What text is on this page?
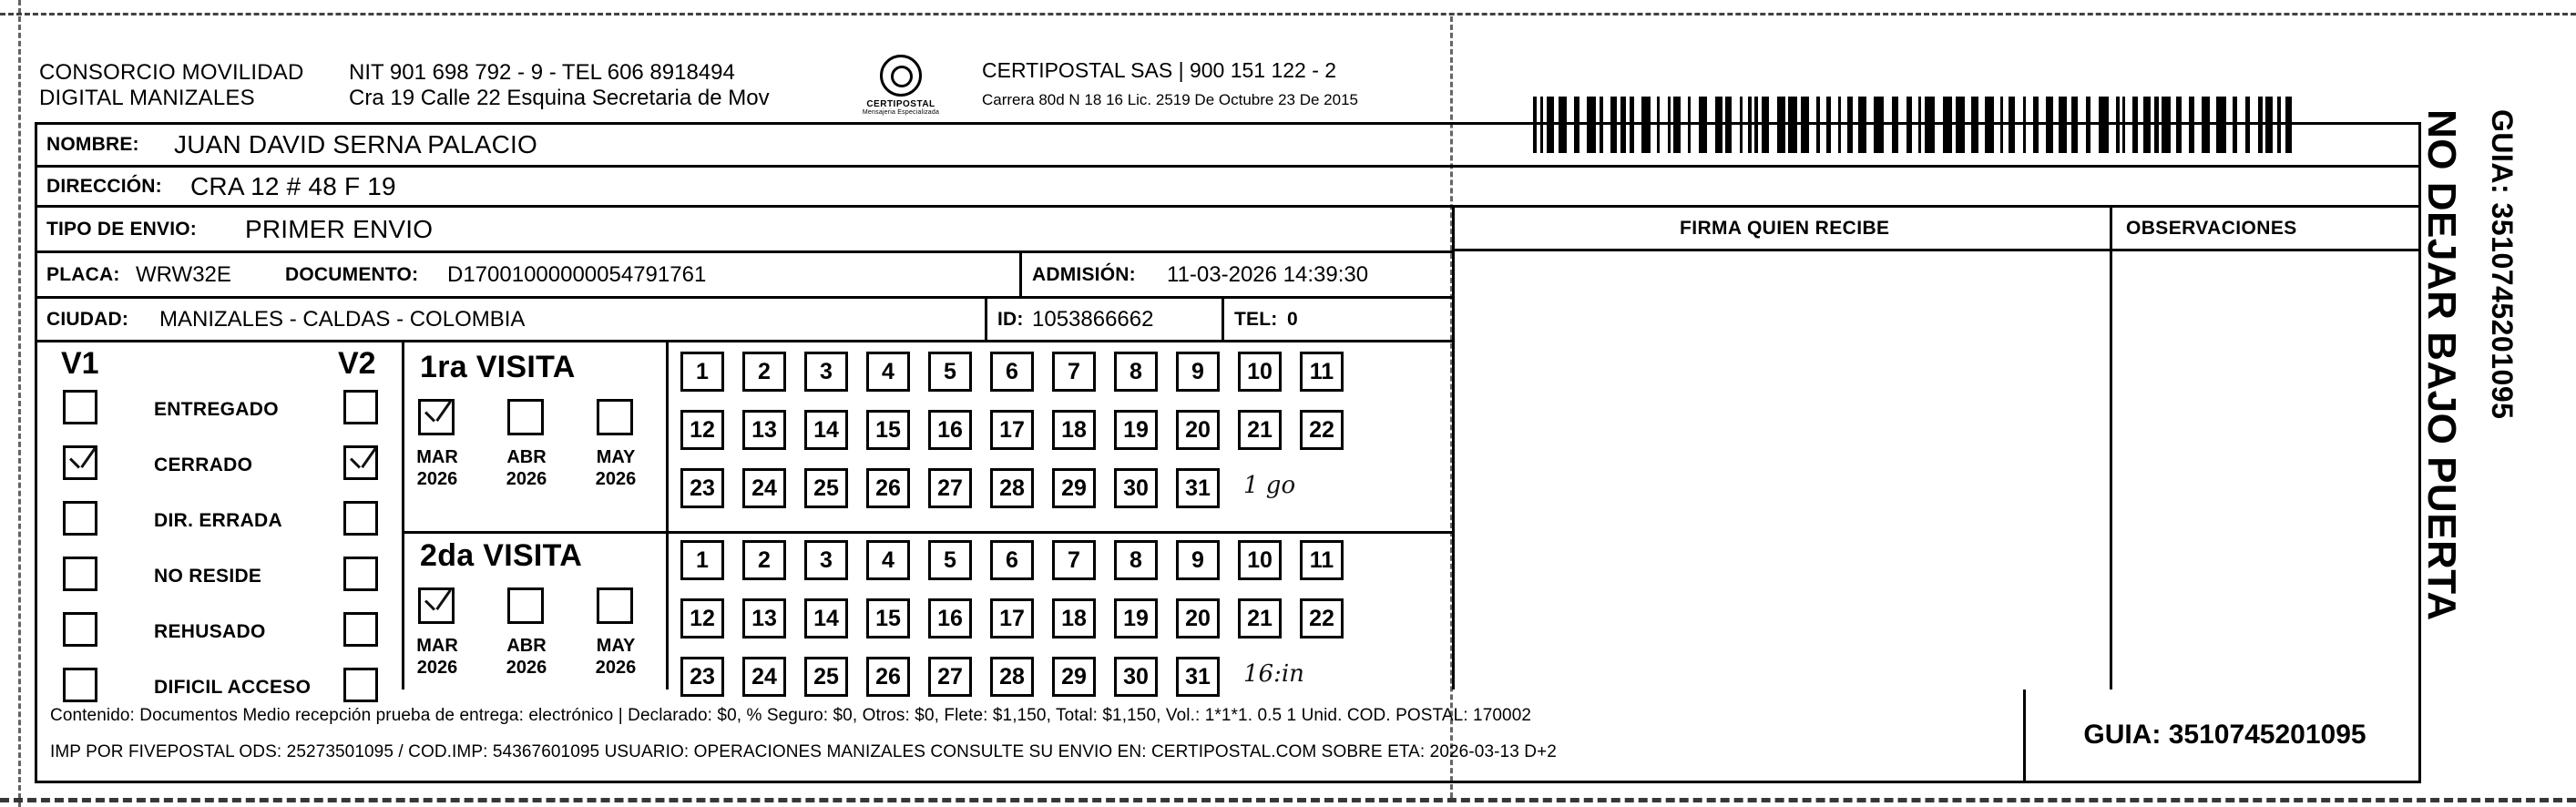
CONSORCIO MOVILIDAD
DIGITAL MANIZALES
NIT 901 698 792 - 9 - TEL 606 8918494
Cra 19 Calle 22 Esquina Secretaria de Mov	CERTIPOSTAL
Mensajeria Especializada
CERTIPOSTAL SAS | 900 151 122 - 2
Carrera 80d N 18 16 Lic. 2519 De Octubre 23 De 2015
NOMBRE: JUAN DAVID SERNA PALACIO
DIRECCIÓN: CRA 12 # 48 F 19
TIPO DE ENVIO: PRIMER ENVIO
PLACA: WRW32E	DOCUMENTO: D17001000000054791761	ADMISIÓN: 11-03-2026 14:39:30
CIUDAD: MANIZALES - CALDAS - COLOMBIA	ID: 1053866662	TEL: 0
FIRMA QUIEN RECIBE	OBSERVACIONES
V1	V2
ENTREGADO
CERRADO
DIR. ERRADA
NO RESIDE
REHUSADO
DIFICIL ACCESO
1ra VISITA
MAR
2026
ABR
2026
MAY
2026
1	2	3	4	5	6	7	8	9	10	11
12	13	14	15	16	17	18	19	20	21	22
23	24	25	26	27	28	29	30	31	1 go
2da VISITA
MAR
2026
ABR
2026
MAY
2026
1	2	3	4	5	6	7	8	9	10	11
12	13	14	15	16	17	18	19	20	21	22
23	24	25	26	27	28	29	30	31	16:in
Contenido: Documentos Medio recepción prueba de entrega: electrónico | Declarado: $0, % Seguro: $0, Otros: $0, Flete: $1,150, Total: $1,150, Vol.: 1*1*1. 0.5 1 Unid. COD. POSTAL: 170002
IMP POR FIVEPOSTAL ODS: 25273501095 / COD.IMP: 54367601095 USUARIO: OPERACIONES MANIZALES CONSULTE SU ENVIO EN: CERTIPOSTAL.COM SOBRE ETA: 2026-03-13 D+2
GUIA: 3510745201095
NO DEJAR BAJO PUERTA GUIA: 3510745201095
